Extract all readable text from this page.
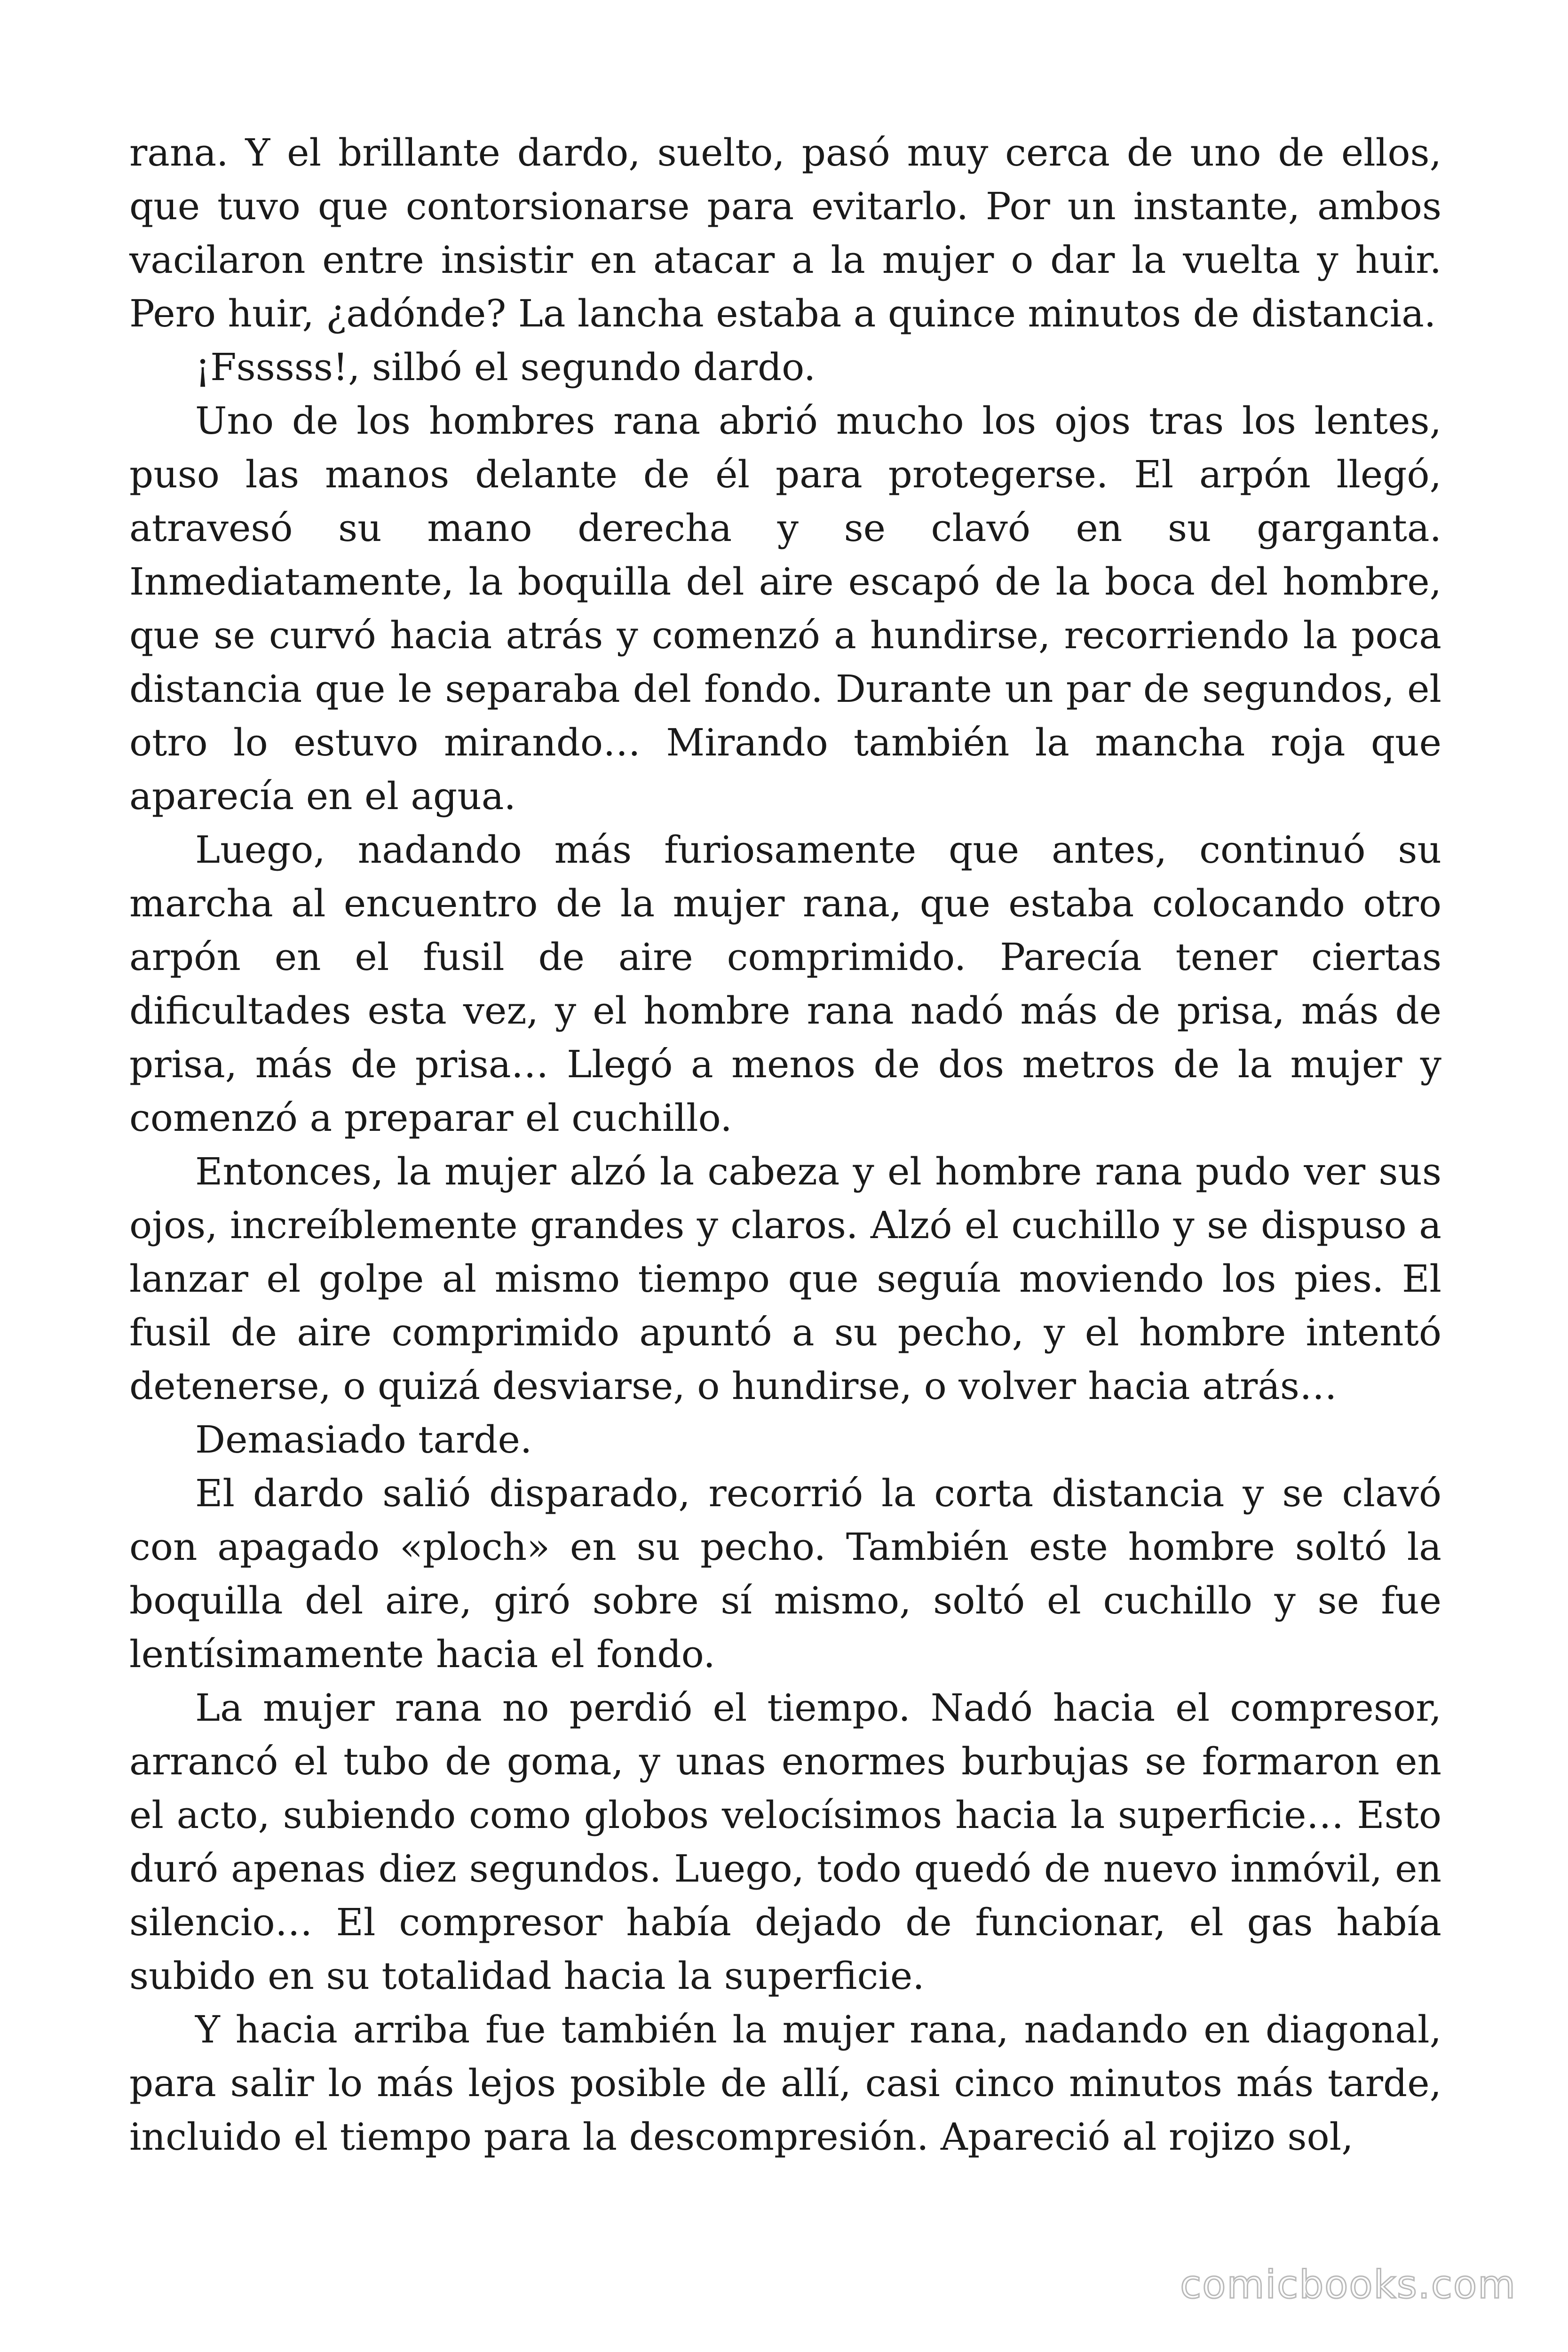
rana. Y el brillante dardo, suelto, pasó muy cerca de uno de ellos, que tuvo que contorsionarse para evitarlo. Por un instante, ambos vacilaron entre insistir en atacar a la mujer o dar la vuelta y huir. Pero huir, ¿adónde? La lancha estaba a quince minutos de distancia.

¡Fsssss!, silbó el segundo dardo.

Uno de los hombres rana abrió mucho los ojos tras los lentes, puso las manos delante de él para protegerse. El arpón llegó, atravesó su mano derecha y se clavó en su garganta. Inmediatamente, la boquilla del aire escapó de la boca del hombre, que se curvó hacia atrás y comenzó a hundirse, recorriendo la poca distancia que le separaba del fondo. Durante un par de segundos, el otro lo estuvo mirando… Mirando también la mancha roja que aparecía en el agua.

Luego, nadando más furiosamente que antes, continuó su marcha al encuentro de la mujer rana, que estaba colocando otro arpón en el fusil de aire comprimido. Parecía tener ciertas dificultades esta vez, y el hombre rana nadó más de prisa, más de prisa, más de prisa… Llegó a menos de dos metros de la mujer y comenzó a preparar el cuchillo.

Entonces, la mujer alzó la cabeza y el hombre rana pudo ver sus ojos, increíblemente grandes y claros. Alzó el cuchillo y se dispuso a lanzar el golpe al mismo tiempo que seguía moviendo los pies. El fusil de aire comprimido apuntó a su pecho, y el hombre intentó detenerse, o quizá desviarse, o hundirse, o volver hacia atrás…

Demasiado tarde.

El dardo salió disparado, recorrió la corta distancia y se clavó con apagado «ploch» en su pecho. También este hombre soltó la boquilla del aire, giró sobre sí mismo, soltó el cuchillo y se fue lentísimamente hacia el fondo.

La mujer rana no perdió el tiempo. Nadó hacia el compresor, arrancó el tubo de goma, y unas enormes burbujas se formaron en el acto, subiendo como globos velocísimos hacia la superficie… Esto duró apenas diez segundos. Luego, todo quedó de nuevo inmóvil, en silencio… El compresor había dejado de funcionar, el gas había subido en su totalidad hacia la superficie.

Y hacia arriba fue también la mujer rana, nadando en diagonal, para salir lo más lejos posible de allí, casi cinco minutos más tarde, incluido el tiempo para la descompresión. Apareció al rojizo sol,

comicbooks.com
